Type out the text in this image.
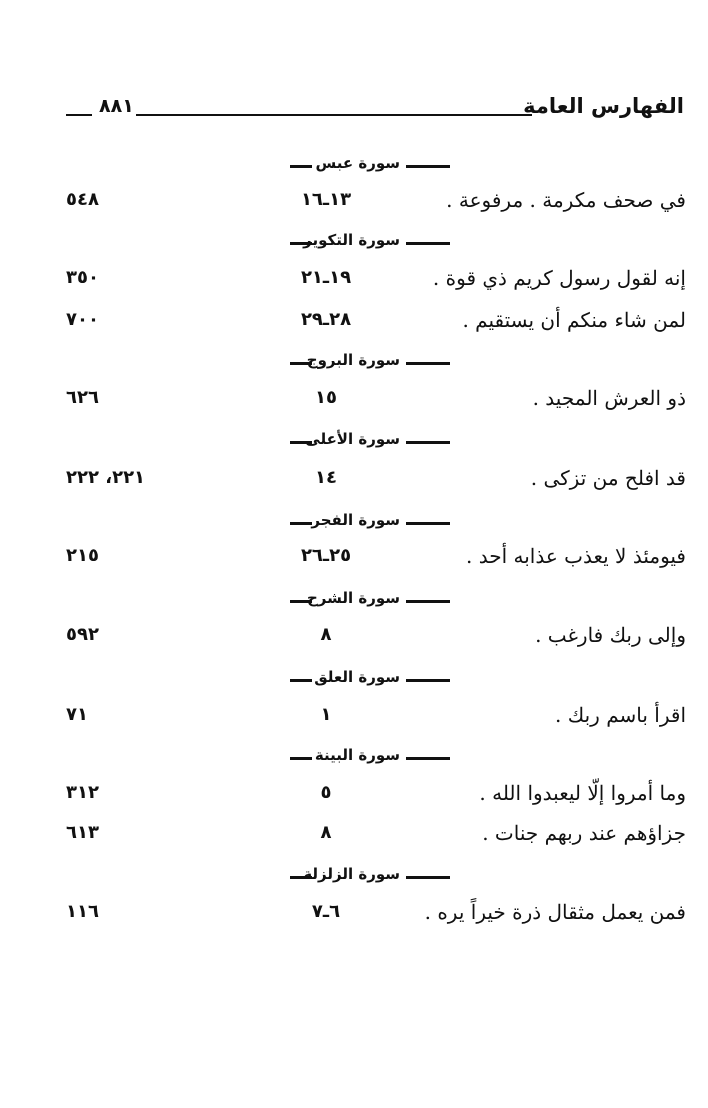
الفهارس العامة
٨٨١
سورة عبس
في صحف مكرمة . مرفوعة .
١٣ـ١٦
٥٤٨
سورة التكوير
إنه لقول رسول كريم ذي قوة .
١٩ـ٢١
٣٥٠
لمن شاء منكم أن يستقيم .
٢٨ـ٢٩
٧٠٠
سورة البروج
ذو العرش المجيد .
١٥
٦٢٦
سورة الأعلى
قد افلح من تزكى .
١٤
٢٢١، ٢٢٢
سورة الفجر
فيومئذ لا يعذب عذابه أحد .
٢٥ـ٢٦
٢١٥
سورة الشرح
وإلى ربك فارغب .
٨
٥٩٢
سورة العلق
اقرأ باسم ربك .
١
٧١
سورة البينة
وما أمروا إلّا ليعبدوا الله .
٥
٣١٢
جزاؤهم عند ربهم جنات .
٨
٦١٣
سورة الزلزلة
فمن يعمل مثقال ذرة خيراً يره .
٦ـ٧
١١٦
